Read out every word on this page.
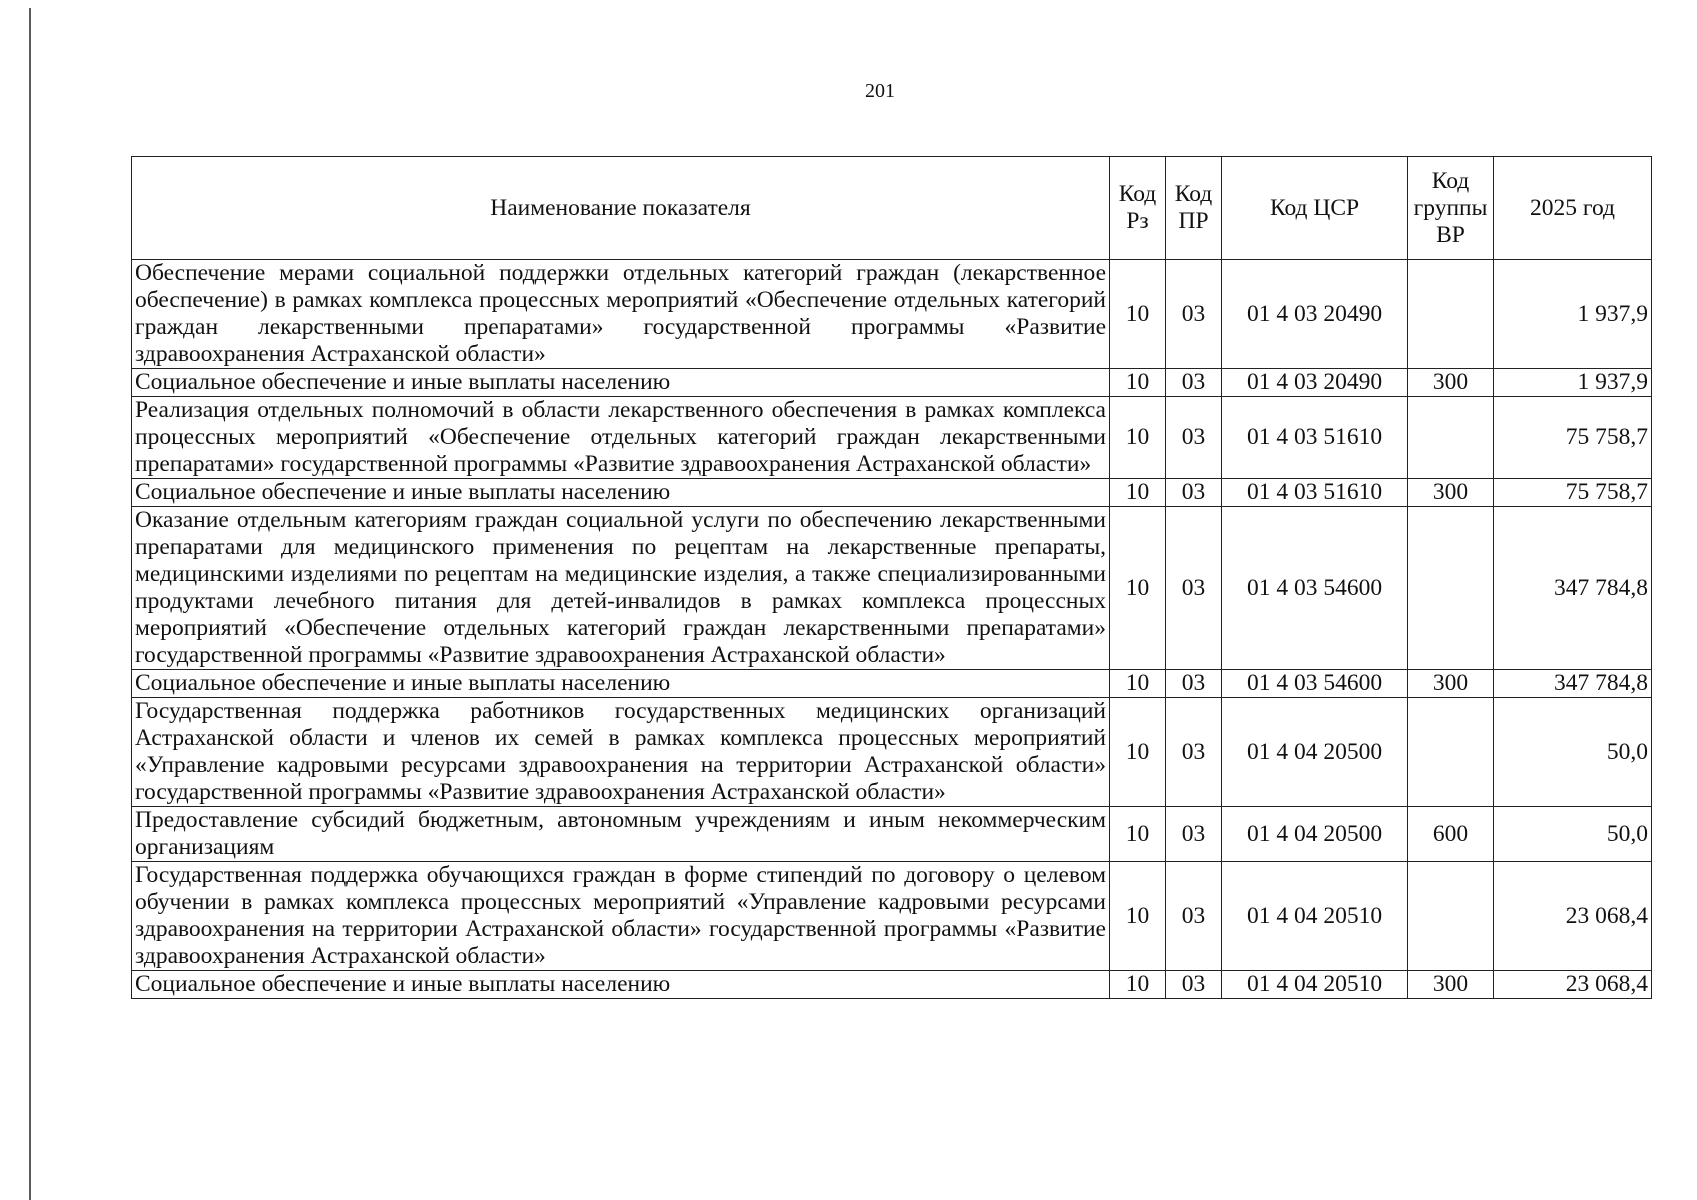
201
Наименование показателя	Код Рз	Код ПР	Код ЦСР	Код группы ВР	2025 год
Обеспечение мерами социальной поддержки отдельных категорий граждан (лекарственное обеспечение) в рамках комплекса процессных мероприятий «Обеспечение отдельных категорий граждан лекарственными препаратами» государственной программы «Развитие здравоохранения Астраханской области»	10	03	01 4 03 20490		1 937,9
Социальное обеспечение и иные выплаты населению	10	03	01 4 03 20490	300	1 937,9
Реализация отдельных полномочий в области лекарственного обеспечения в рамках комплекса процессных мероприятий «Обеспечение отдельных категорий граждан лекарственными препаратами» государственной программы «Развитие здравоохранения Астраханской области»	10	03	01 4 03 51610		75 758,7
Социальное обеспечение и иные выплаты населению	10	03	01 4 03 51610	300	75 758,7
Оказание отдельным категориям граждан социальной услуги по обеспечению лекарственными препаратами для медицинского применения по рецептам на лекарственные препараты, медицинскими изделиями по рецептам на медицинские изделия, а также специализированными продуктами лечебного питания для детей-инвалидов в рамках комплекса процессных мероприятий «Обеспечение отдельных категорий граждан лекарственными препаратами» государственной программы «Развитие здравоохранения Астраханской области»	10	03	01 4 03 54600		347 784,8
Социальное обеспечение и иные выплаты населению	10	03	01 4 03 54600	300	347 784,8
Государственная поддержка работников государственных медицинских организаций Астраханской области и членов их семей в рамках комплекса процессных мероприятий «Управление кадровыми ресурсами здравоохранения на территории Астраханской области» государственной программы «Развитие здравоохранения Астраханской области»	10	03	01 4 04 20500		50,0
Предоставление субсидий бюджетным, автономным учреждениям и иным некоммерческим организациям	10	03	01 4 04 20500	600	50,0
Государственная поддержка обучающихся граждан в форме стипендий по договору о целевом обучении в рамках комплекса процессных мероприятий «Управление кадровыми ресурсами здравоохранения на территории Астраханской области» государственной программы «Развитие здравоохранения Астраханской области»	10	03	01 4 04 20510		23 068,4
Социальное обеспечение и иные выплаты населению	10	03	01 4 04 20510	300	23 068,4
